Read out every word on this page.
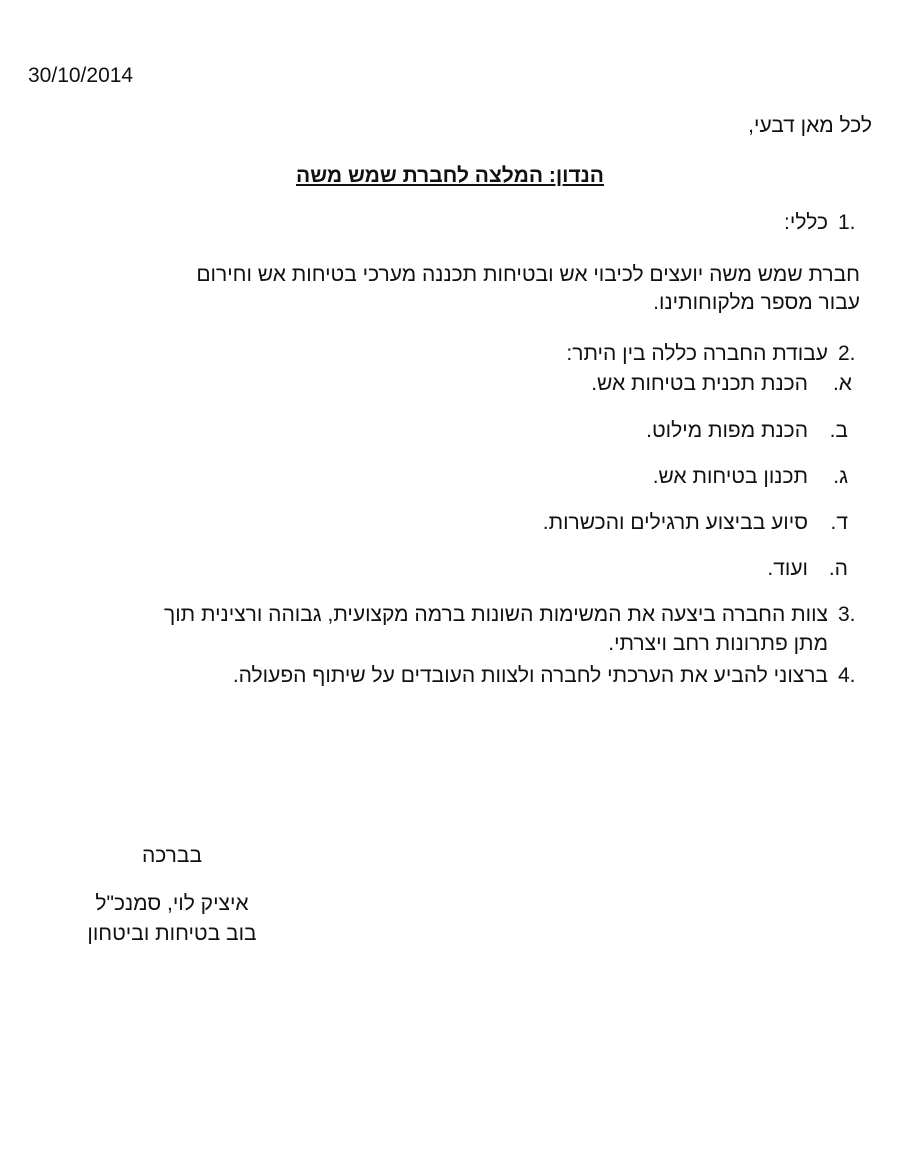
30/10/2014
לכל מאן דבעי,
הנדון: המלצה לחברת שמש משה
1.
כללי:
חברת שמש משה יועצים לכיבוי אש ובטיחות תכננה מערכי בטיחות אש וחירום
עבור מספר מלקוחותינו.
2.
עבודת החברה כללה בין היתר:
א.
הכנת תכנית בטיחות אש.
ב.
הכנת מפות מילוט.
ג.
תכנון בטיחות אש.
ד.
סיוע בביצוע תרגילים והכשרות.
ה.
ועוד.
3.
צוות החברה ביצעה את המשימות השונות ברמה מקצועית, גבוהה ורצינית תוך
מתן פתרונות רחב ויצרתי.
4.
ברצוני להביע את הערכתי לחברה ולצוות העובדים על שיתוף הפעולה.
בברכה
איציק לוי, סמנכ"ל
בוב בטיחות וביטחון
